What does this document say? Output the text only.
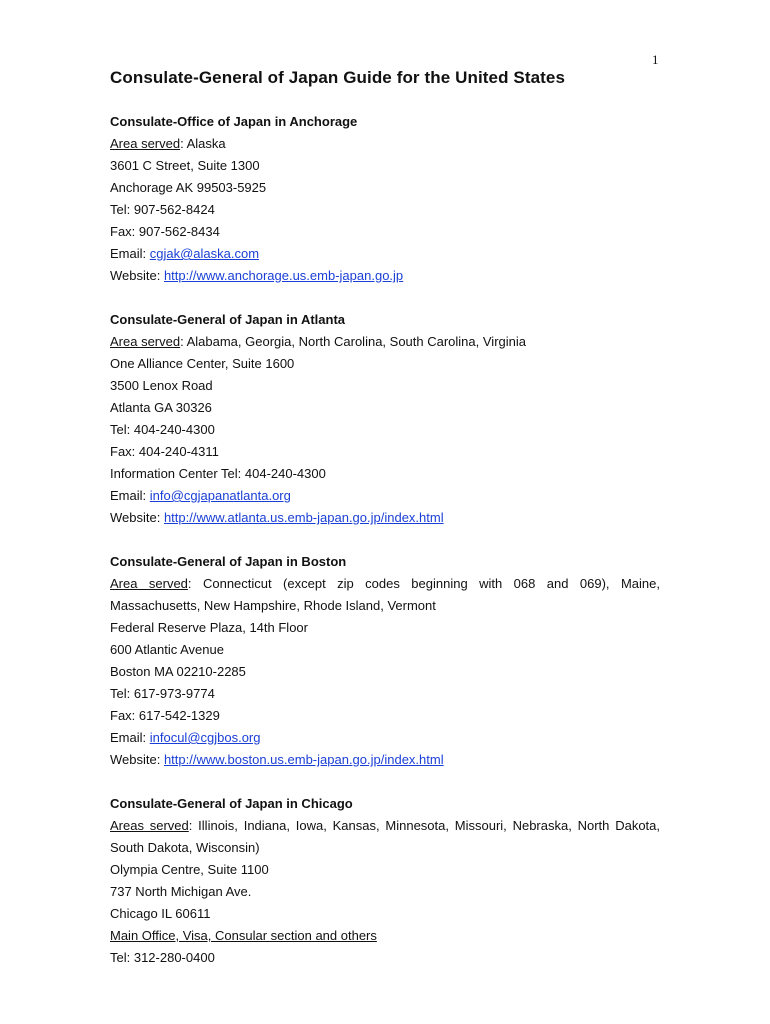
1
Consulate-General of Japan Guide for the United States
Consulate-Office of Japan in Anchorage
Area served: Alaska
3601 C Street, Suite 1300
Anchorage AK 99503-5925
Tel: 907-562-8424
Fax: 907-562-8434
Email: cgjak@alaska.com
Website: http://www.anchorage.us.emb-japan.go.jp
Consulate-General of Japan in Atlanta
Area served: Alabama, Georgia, North Carolina, South Carolina, Virginia
One Alliance Center, Suite 1600
3500 Lenox Road
Atlanta GA 30326
Tel: 404-240-4300
Fax: 404-240-4311
Information Center Tel: 404-240-4300
Email: info@cgjapanatlanta.org
Website: http://www.atlanta.us.emb-japan.go.jp/index.html
Consulate-General of Japan in Boston
Area served: Connecticut (except zip codes beginning with 068 and 069), Maine, Massachusetts, New Hampshire, Rhode Island, Vermont
Federal Reserve Plaza, 14th Floor
600 Atlantic Avenue
Boston MA 02210-2285
Tel: 617-973-9774
Fax: 617-542-1329
Email: infocul@cgjbos.org
Website: http://www.boston.us.emb-japan.go.jp/index.html
Consulate-General of Japan in Chicago
Areas served: Illinois, Indiana, Iowa, Kansas, Minnesota, Missouri, Nebraska, North Dakota, South Dakota, Wisconsin)
Olympia Centre, Suite 1100
737 North Michigan Ave.
Chicago IL 60611
Main Office, Visa, Consular section and others
Tel: 312-280-0400
